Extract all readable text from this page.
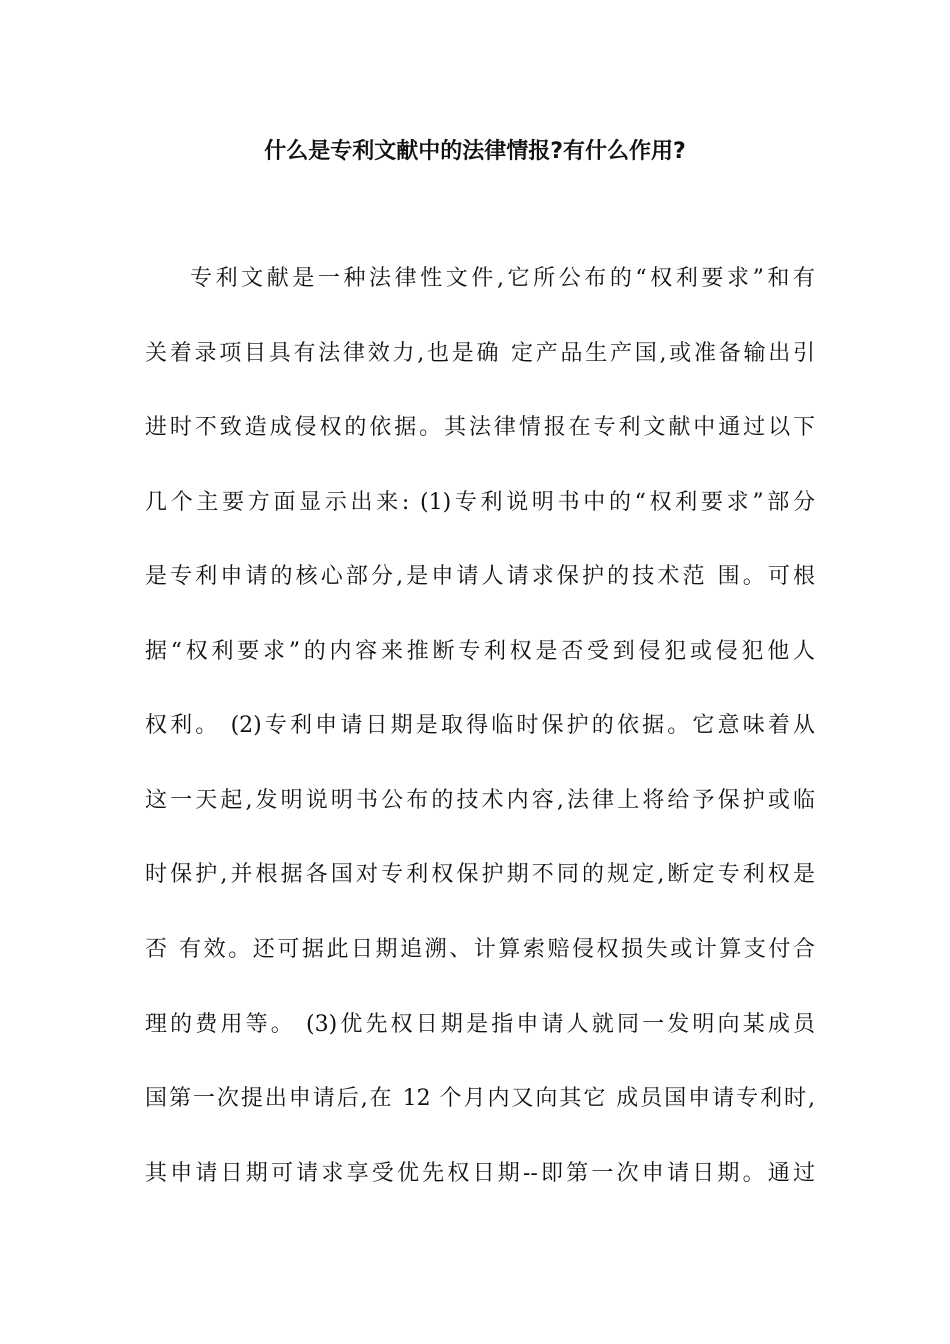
什么是专利文献中的法律情报?有什么作用?
专利文献是一种法律性文件,它所公布的“权利要求”和有
关着录项目具有法律效力,也是确 定产品生产国,或准备输出引
进时不致造成侵权的依据。其法律情报在专利文献中通过以下
几个主要方面显示出来: (1)专利说明书中的“权利要求”部分
是专利申请的核心部分,是申请人请求保护的技术范 围。可根
据“权利要求”的内容来推断专利权是否受到侵犯或侵犯他人
权利。 (2)专利申请日期是取得临时保护的依据。它意味着从
这一天起,发明说明书公布的技术内容,法律上将给予保护或临
时保护,并根据各国对专利权保护期不同的规定,断定专利权是
否 有效。还可据此日期追溯、计算索赔侵权损失或计算支付合
理的费用等。 (3)优先权日期是指申请人就同一发明向某成员
国第一次提出申请后,在 12 个月内又向其它 成员国申请专利时,
其申请日期可请求享受优先权日期--即第一次申请日期。通过
